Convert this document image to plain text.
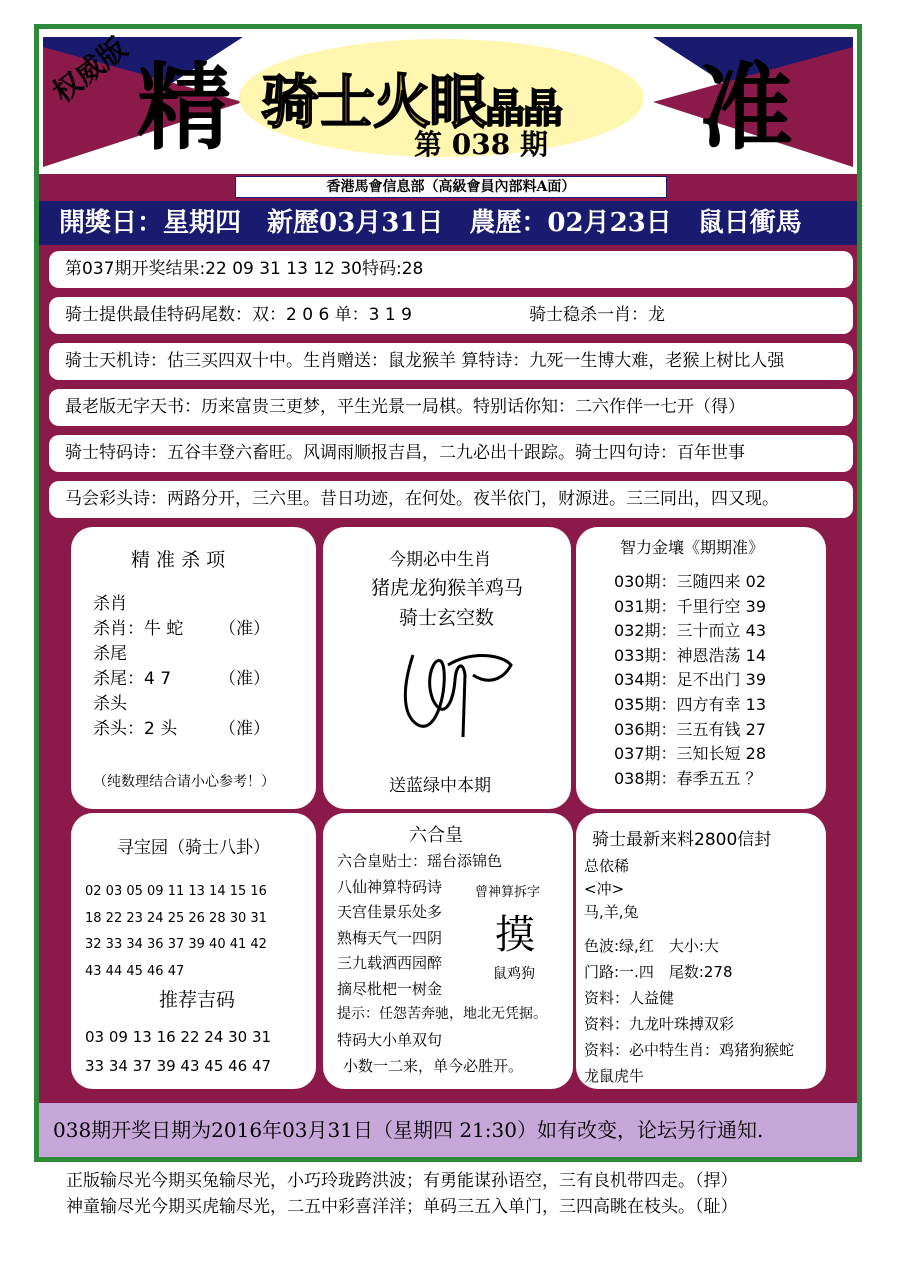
权威版 精	准
骑士火眼晶晶
第 038 期
香港馬會信息部（高級會員內部料A面）
開獎日：星期四 新歷03月31日 農歷：02月23日 鼠日衝馬
第037期开奖结果:22 09 31 13 12 30特码:28
骑士提供最佳特码尾数：双：2 0 6 单：3 1 9	骑士稳杀一肖：龙
骑士天机诗：估三买四双十中。生肖赠送：鼠龙猴羊 算特诗：九死一生博大难，老猴上树比人强
最老版无字天书：历来富贵三更梦，平生光景一局棋。特别话你知：二六作伴一七开（得）
骑士特码诗：五谷丰登六畜旺。风调雨顺报吉昌，二九必出十跟踪。骑士四句诗：百年世事
马会彩头诗：两路分开，三六里。昔日功迹，在何处。夜半依门，财源进。三三同出，四又现。
精 准 杀 项
杀肖
杀肖：牛 蛇 （准）
杀尾
杀尾：4 7	（准）
杀头
杀头：2 头 （准）
（纯数理结合请小心参考！）
今期必中生肖
猪虎龙狗猴羊鸡马
骑士玄空数
送蓝绿中本期
智力金壤《期期准》
030期：三随四来 02
031期：千里行空 39
032期：三十而立 43
033期：神恩浩荡 14
034期：足不出门 39
035期：四方有幸 13
036期：三五有钱 27
037期：三知长短 28
038期：春季五五 ？
寻宝园（骑士八卦）
02 03 05 09 11 13 14 15 16
18 22 23 24 25 26 28 30 31
32 33 34 36 37 39 40 41 42
43 44 45 46 47
推荐吉码
03 09 13 16 22 24 30 31
33 34 37 39 43 45 46 47
六合皇
六合皇贴士：瑶台添锦色
八仙神算特码诗
天宫佳景乐处多
熟梅天气一四阴
三九载洒西园醉
摘尽枇杷一树金
曾神算拆字
摸
鼠鸡狗
提示：任怨苦奔驰，地北无凭据。
特码大小单双句
小数一二来，单今必胜开。
骑士最新来料2800信封
总依稀
<冲>
马,羊,兔
色波:绿,红　大小:大
门路:一.四　尾数:278
资料：人益健
资料：九龙叶珠搏双彩
资料：必中特生肖：鸡猪狗猴蛇
龙鼠虎牛
038期开奖日期为2016年03月31日（星期四 21:30）如有改变，论坛另行通知.
正版输尽光今期买兔输尽光，小巧玲珑跨洪波；有勇能谋孙语空，三有良机带四走。（捍）
神童输尽光今期买虎输尽光，二五中彩喜洋洋；单码三五入单门，三四高眺在枝头。（耻）
